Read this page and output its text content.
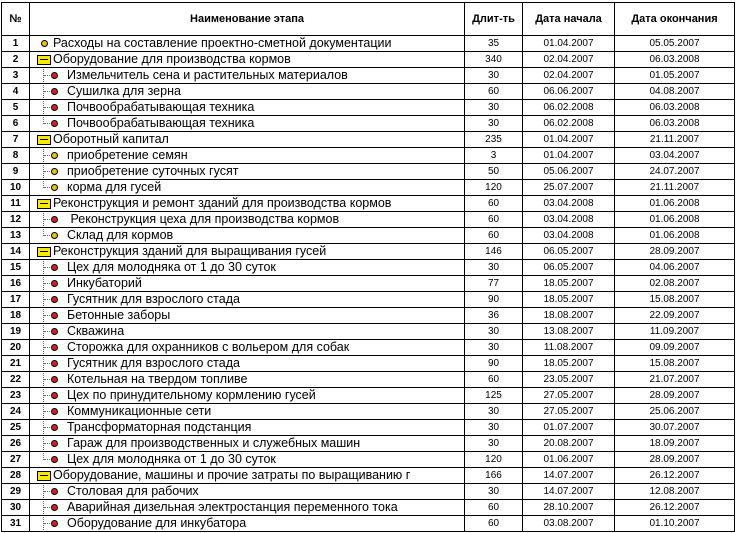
№	Наименование этапа	Длит-ть	Дата начала	Дата окончания
1	Расходы на составление проектно-сметной документации	35	01.04.2007	05.05.2007
2	Оборудование для производства кормов	340	02.04.2007	06.03.2008
3	Измельчитель сена и растительных материалов	30	02.04.2007	01.05.2007
4	Сушилка для зерна	60	06.06.2007	04.08.2007
5	Почвообрабатывающая техника	30	06.02.2008	06.03.2008
6	Почвообрабатывающая техника	30	06.02.2008	06.03.2008
7	Оборотный капитал	235	01.04.2007	21.11.2007
8	приобретение семян	3	01.04.2007	03.04.2007
9	приобретение суточных гусят	50	05.06.2007	24.07.2007
10	корма для гусей	120	25.07.2007	21.11.2007
11	Реконструкция и ремонт зданий для производства кормов	60	03.04.2008	01.06.2008
12	Реконструкция цеха для производства кормов	60	03.04.2008	01.06.2008
13	Склад для кормов	60	03.04.2008	01.06.2008
14	Реконструкция зданий для выращивания гусей	146	06.05.2007	28.09.2007
15	Цех для молодняка от 1 до 30 суток	30	06.05.2007	04.06.2007
16	Инкубаторий	77	18.05.2007	02.08.2007
17	Гусятник для взрослого стада	90	18.05.2007	15.08.2007
18	Бетонные заборы	36	18.08.2007	22.09.2007
19	Скважина	30	13.08.2007	11.09.2007
20	Сторожка для охранников с вольером для собак	30	11.08.2007	09.09.2007
21	Гусятник для взрослого стада	90	18.05.2007	15.08.2007
22	Котельная на твердом топливе	60	23.05.2007	21.07.2007
23	Цех по принудительному кормлению гусей	125	27.05.2007	28.09.2007
24	Коммуникационные сети	30	27.05.2007	25.06.2007
25	Трансформаторная подстанция	30	01.07.2007	30.07.2007
26	Гараж для производственных и служебных машин	30	20.08.2007	18.09.2007
27	Цех для молодняка от 1 до 30 суток	120	01.06.2007	28.09.2007
28	Оборудование, машины и прочие затраты по выращиванию г	166	14.07.2007	26.12.2007
29	Столовая для рабочих	30	14.07.2007	12.08.2007
30	Аварийная дизельная электростанция переменного тока	60	28.10.2007	26.12.2007
31	Оборудование для инкубатора	60	03.08.2007	01.10.2007
